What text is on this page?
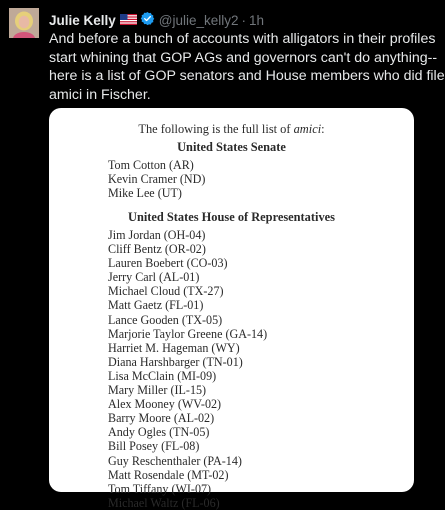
Julie Kelly	@julie_kelly2 · 1h
And before a bunch of accounts with alligators in their profiles
start whining that GOP AGs and governors can't do anything--
here is a list of GOP senators and House members who did file
amici in Fischer.
The following is the full list of amici:
United States Senate
Tom Cotton (AR)
Kevin Cramer (ND)
Mike Lee (UT)
United States House of Representatives
Jim Jordan (OH-04)
Cliff Bentz (OR-02)
Lauren Boebert (CO-03)
Jerry Carl (AL-01)
Michael Cloud (TX-27)
Matt Gaetz (FL-01)
Lance Gooden (TX-05)
Marjorie Taylor Greene (GA-14)
Harriet M. Hageman (WY)
Diana Harshbarger (TN-01)
Lisa McClain (MI-09)
Mary Miller (IL-15)
Alex Mooney (WV-02)
Barry Moore (AL-02)
Andy Ogles (TN-05)
Bill Posey (FL-08)
Guy Reschenthaler (PA-14)
Matt Rosendale (MT-02)
Tom Tiffany (WI-07)
Michael Waltz (FL-06)
